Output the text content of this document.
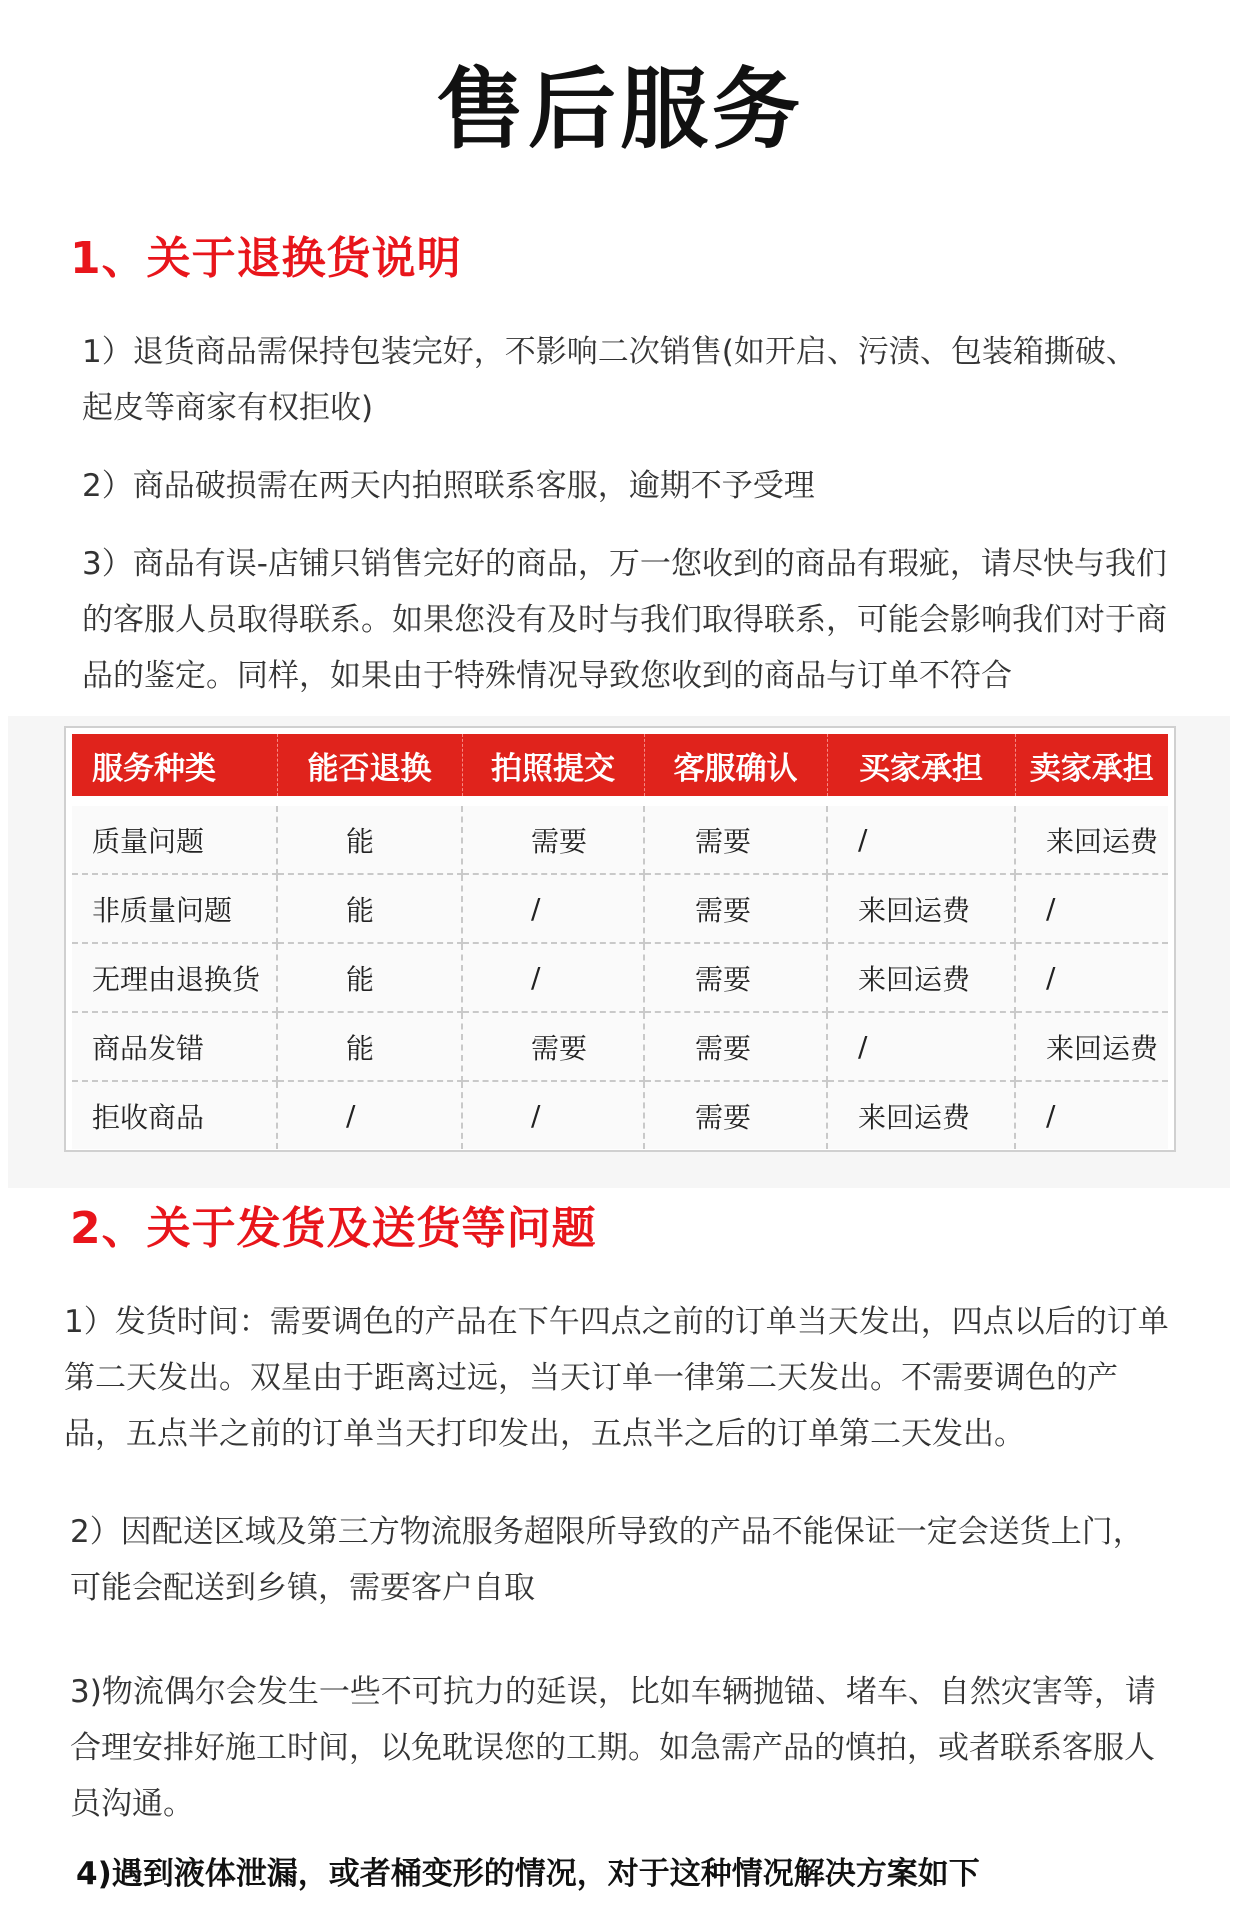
售后服务
1、关于退换货说明
1）退货商品需保持包装完好，不影响二次销售(如开启、污渍、包装箱撕破、起皮等商家有权拒收)
2）商品破损需在两天内拍照联系客服，逾期不予受理
3）商品有误-店铺只销售完好的商品，万一您收到的商品有瑕疵，请尽快与我们的客服人员取得联系。如果您没有及时与我们取得联系，可能会影响我们对于商品的鉴定。同样，如果由于特殊情况导致您收到的商品与订单不符合
服务种类	能否退换	拍照提交	客服确认	买家承担	卖家承担

质量问题	能	需要	需要	/	来回运费
非质量问题	能	/	需要	来回运费	/
无理由退换货	能	/	需要	来回运费	/
商品发错	能	需要	需要	/	来回运费
拒收商品	/	/	需要	来回运费	/
2、关于发货及送货等问题
1）发货时间：需要调色的产品在下午四点之前的订单当天发出，四点以后的订单第二天发出。双星由于距离过远，当天订单一律第二天发出。不需要调色的产品，五点半之前的订单当天打印发出，五点半之后的订单第二天发出。
2）因配送区域及第三方物流服务超限所导致的产品不能保证一定会送货上门，可能会配送到乡镇，需要客户自取
3)物流偶尔会发生一些不可抗力的延误，比如车辆抛锚、堵车、自然灾害等，请合理安排好施工时间，以免耽误您的工期。如急需产品的慎拍，或者联系客服人员沟通。
4)遇到液体泄漏，或者桶变形的情况，对于这种情况解决方案如下
